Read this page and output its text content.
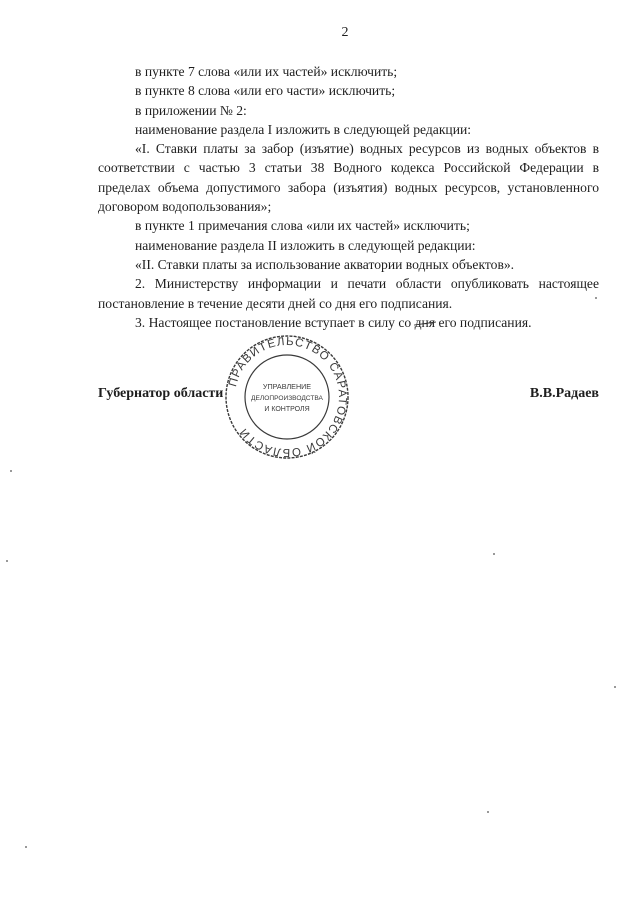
2

в пункте 7 слова «или их частей» исключить;

в пункте 8 слова «или его части» исключить;

в приложении № 2:

наименование раздела I изложить в следующей редакции:

«I. Ставки платы за забор (изъятие) водных ресурсов из водных объектов в соответствии с частью 3 статьи 38 Водного кодекса Российской Федерации в пределах объема допустимого забора (изъятия) водных ресурсов, установленного договором водопользования»;

в пункте 1 примечания слова «или их частей» исключить;

наименование раздела II изложить в следующей редакции:

«II. Ставки платы за использование акватории водных объектов».

2. Министерству информации и печати области опубликовать настоящее постановление в течение десяти дней со дня его подписания.

3. Настоящее постановление вступает в силу со дня его подписания.

Губернатор области	В.В.Радаев
ПРАВИТЕЛЬСТВО САРАТОВСКОЙ ОБЛАСТИ
УПРАВЛЕНИЕ
ДЕЛОПРОИЗВОДСТВА
И КОНТРОЛЯ
